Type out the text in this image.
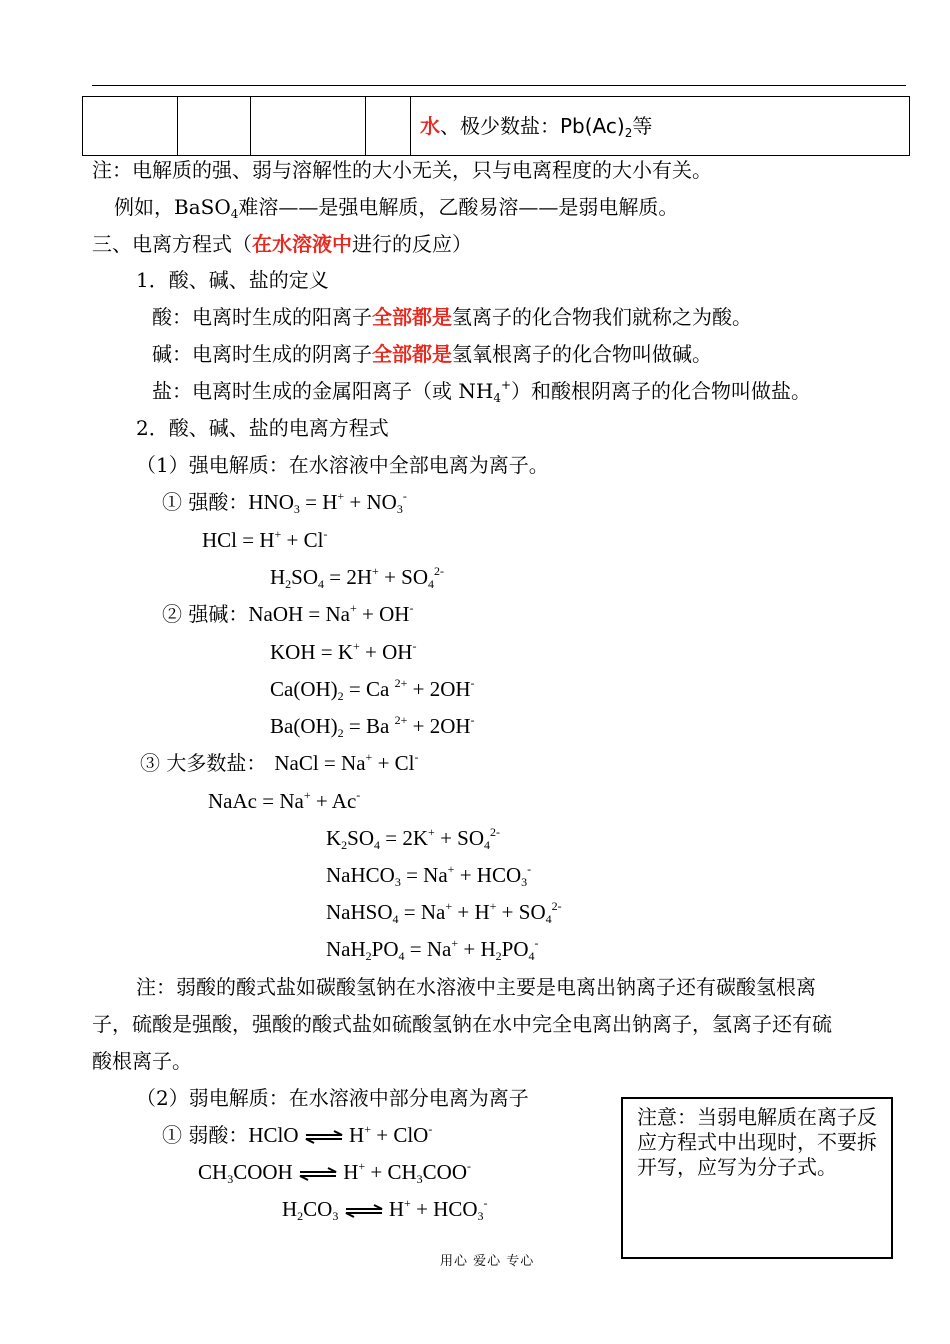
				水、极少数盐：$Pb(Ac)_2$等
注：电解质的强、弱与溶解性的大小无关，只与电离程度的大小有关。
例如，BaSO$_4$难溶——是强电解质，乙酸易溶——是弱电解质。
三、电离方程式（在水溶液中进行的反应）
1．酸、碱、盐的定义
酸：电离时生成的阳离子全部都是氢离子的化合物我们就称之为酸。
碱：电离时生成的阴离子全部都是氢氧根离子的化合物叫做碱。
盐：电离时生成的金属阳离子（或 $NH_4^+$）和酸根阴离子的化合物叫做盐。
2．酸、碱、盐的电离方程式
（1）强电解质：在水溶液中全部电离为离子。
① 强酸：$HNO_3 = H^+ + NO_3^-$
HCl = H+ + Cl-
$H_2SO_4 = 2H^+ + SO_4^{2-}$
② 强碱：NaOH = Na+ + OH-
KOH = K+ + OH-
$Ca(OH)_2 = Ca$ $^{2+}$ + 2OH-
$Ba(OH)_2 = Ba$ $^{2+}$ + 2OH-
③ 大多数盐： NaCl = Na+ + Cl-
NaAc = Na+ + Ac-
$K_2SO_4 = 2K^+ + SO_4^{2-}$
NaHCO$_3$ = $Na^+ + HCO_3^-$
NaHSO$_4$ = $Na^+ + H^+ + SO_4^{2-}$
$NaH_2PO_4 = Na^+ + H_2PO_4^-$
注：弱酸的酸式盐如碳酸氢钠在水溶液中主要是电离出钠离子还有碳酸氢根离
子，硫酸是强酸，强酸的酸式盐如硫酸氢钠在水中完全电离出钠离子，氢离子还有硫
酸根离子。
（2）弱电解质：在水溶液中部分电离为离子
① 弱酸：HClO ⇌ H+ + ClO-
$CH_3COOH$ ⇌ $H^+ + CH_3COO^-$
$H_2CO_3$ ⇌ $H^+ + HCO_3^-$
注意：当弱电解质在离子反应方程式中出现时，不要拆开写，应写为分子式。
用心 爱心 专心
